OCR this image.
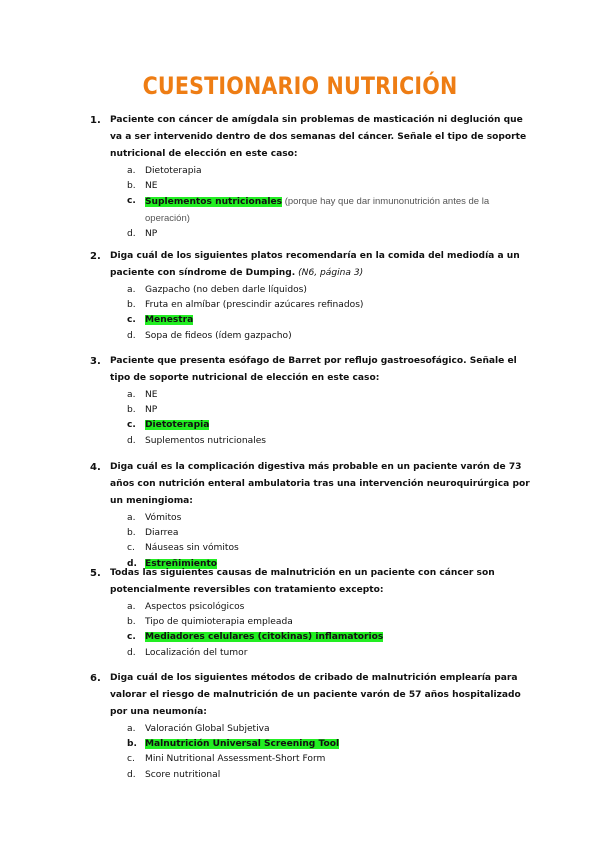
CUESTIONARIO NUTRICIÓN
1. Paciente con cáncer de amígdala sin problemas de masticación ni deglución que va a ser intervenido dentro de dos semanas del cáncer. Señale el tipo de soporte nutricional de elección en este caso:
a. Dietoterapia
b. NE
c. Suplementos nutricionales (porque hay que dar inmunonutrición antes de la operación)
d. NP
2. Diga cuál de los siguientes platos recomendaría en la comida del mediodía a un paciente con síndrome de Dumping. (N6, página 3)
a. Gazpacho (no deben darle líquidos)
b. Fruta en almíbar (prescindir azúcares refinados)
c. Menestra
d. Sopa de fideos (ídem gazpacho)
3. Paciente que presenta esófago de Barret por reflujo gastroesofágico. Señale el tipo de soporte nutricional de elección en este caso:
a. NE
b. NP
c. Dietoterapia
d. Suplementos nutricionales
4. Diga cuál es la complicación digestiva más probable en un paciente varón de 73 años con nutrición enteral ambulatoria tras una intervención neuroquirúrgica por un meningioma:
a. Vómitos
b. Diarrea
c. Náuseas sin vómitos
d. Estreñimiento
5. Todas las siguientes causas de malnutrición en un paciente con cáncer son potencialmente reversibles con tratamiento excepto:
a. Aspectos psicológicos
b. Tipo de quimioterapia empleada
c. Mediadores celulares (citokinas) inflamatorios
d. Localización del tumor
6. Diga cuál de los siguientes métodos de cribado de malnutrición emplearía para valorar el riesgo de malnutrición de un paciente varón de 57 años hospitalizado por una neumonía:
a. Valoración Global Subjetiva
b. Malnutrición Universal Screening Tool
c. Mini Nutritional Assessment-Short Form
d. Score nutritional
